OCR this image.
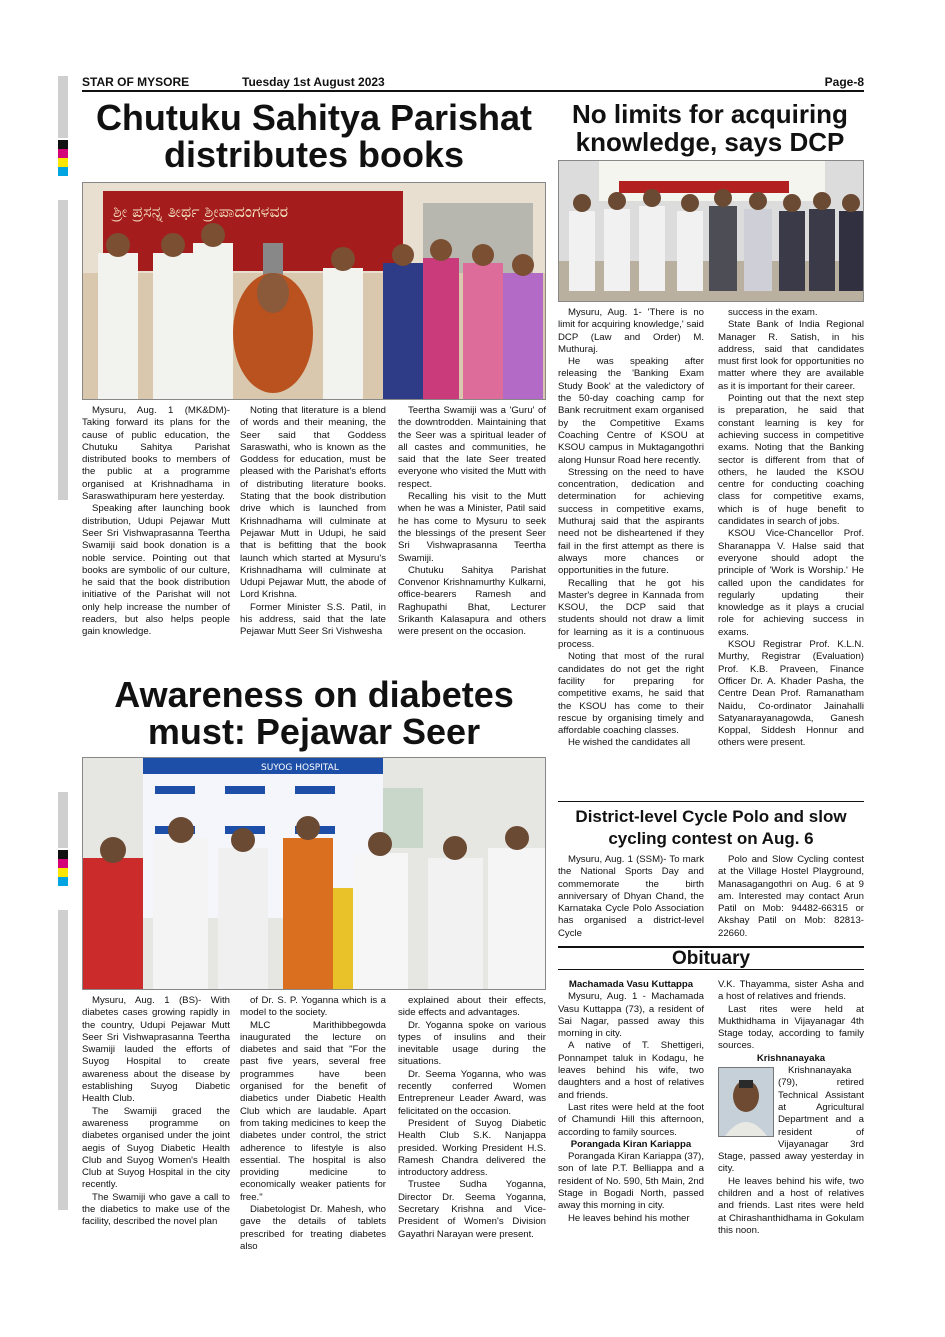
STAR OF MYSORE	Tuesday 1st August 2023	Page-8
Chutuku Sahitya Parishat
distributes books
ಶ್ರೀ ಪ್ರಸನ್ನ ತೀರ್ಥ ಶ್ರೀಪಾದಂಗಳವರ

Mysuru, Aug. 1 (MK&DM)- Taking forward its plans for the cause of public education, the Chutuku Sahitya Parishat distributed books to members of the public at a programme organised at Krishnadhama in Saraswathipuram here yesterday.

Speaking after launching book distribution, Udupi Pejawar Mutt Seer Sri Vishwaprasanna Teertha Swamiji said book donation is a noble service. Pointing out that books are symbolic of our culture, he said that the book distribution initiative of the Parishat will not only help increase the number of readers, but also helps people gain knowledge.

Noting that literature is a blend of words and their meaning, the Seer said that Goddess Saraswathi, who is known as the Goddess for education, must be pleased with the Parishat's efforts of distributing literature books. Stating that the book distribution drive which is launched from Krishnadhama will culminate at Pejawar Mutt in Udupi, he said that is befitting that the book launch which started at Mysuru's Krishnadhama will culminate at Udupi Pejawar Mutt, the abode of Lord Krishna.

Former Minister S.S. Patil, in his address, said that the late Pejawar Mutt Seer Sri Vishwesha

Teertha Swamiji was a 'Guru' of the downtrodden. Maintaining that the Seer was a spiritual leader of all castes and communities, he said that the late Seer treated everyone who visited the Mutt with respect.

Recalling his visit to the Mutt when he was a Minister, Patil said he has come to Mysuru to seek the blessings of the present Seer Sri Vishwaprasanna Teertha Swamiji.

Chutuku Sahitya Parishat Convenor Krishnamurthy Kulkarni, office-bearers Ramesh and Raghupathi Bhat, Lecturer Srikanth Kalasapura and others were present on the occasion.

Awareness on diabetes
must: Pejawar Seer
SUYOG HOSPITAL

Mysuru, Aug. 1 (BS)- With diabetes cases growing rapidly in the country, Udupi Pejawar Mutt Seer Sri Vishwaprasanna Teertha Swamiji lauded the efforts of Suyog Hospital to create awareness about the disease by establishing Suyog Diabetic Health Club.

The Swamiji graced the awareness programme on diabetes organised under the joint aegis of Suyog Diabetic Health Club and Suyog Women's Health Club at Suyog Hospital in the city recently.

The Swamiji who gave a call to the diabetics to make use of the facility, described the novel plan

of Dr. S. P. Yoganna which is a model to the society.

MLC Marithibbegowda inaugurated the lecture on diabetes and said that "For the past five years, several free programmes have been organised for the benefit of diabetics under Diabetic Health Club which are laudable. Apart from taking medicines to keep the diabetes under control, the strict adherence to lifestyle is also essential. The hospital is also providing medicine to economically weaker patients for free."

Diabetologist Dr. Mahesh, who gave the details of tablets prescribed for treating diabetes also

explained about their effects, side effects and advantages.

Dr. Yoganna spoke on various types of insulins and their inevitable usage during the situations.

Dr. Seema Yoganna, who was recently conferred Women Entrepreneur Leader Award, was felicitated on the occasion.

President of Suyog Diabetic Health Club S.K. Nanjappa presided. Working President H.S. Ramesh Chandra delivered the introductory address.

Trustee Sudha Yoganna, Director Dr. Seema Yoganna, Secretary Krishna and Vice-President of Women's Division Gayathri Narayan were present.

No limits for acquiring
knowledge, says DCP

Mysuru, Aug. 1- 'There is no limit for acquiring knowledge,' said DCP (Law and Order) M. Muthuraj.

He was speaking after releasing the 'Banking Exam Study Book' at the valedictory of the 50-day coaching camp for Bank recruitment exam organised by the Competitive Exams Coaching Centre of KSOU at KSOU campus in Muktagangothri along Hunsur Road here recently.

Stressing on the need to have concentration, dedication and determination for achieving success in competitive exams, Muthuraj said that the aspirants need not be disheartened if they fail in the first attempt as there is always more chances or opportunities in the future.

Recalling that he got his Master's degree in Kannada from KSOU, the DCP said that students should not draw a limit for learning as it is a continuous process.

Noting that most of the rural candidates do not get the right facility for preparing for competitive exams, he said that the KSOU has come to their rescue by organising timely and affordable coaching classes.

He wished the candidates all

success in the exam.

State Bank of India Regional Manager R. Satish, in his address, said that candidates must first look for opportunities no matter where they are available as it is important for their career.

Pointing out that the next step is preparation, he said that constant learning is key for achieving success in competitive exams. Noting that the Banking sector is different from that of others, he lauded the KSOU centre for conducting coaching class for competitive exams, which is of huge benefit to candidates in search of jobs.

KSOU Vice-Chancellor Prof. Sharanappa V. Halse said that everyone should adopt the principle of 'Work is Worship.' He called upon the candidates for regularly updating their knowledge as it plays a crucial role for achieving success in exams.

KSOU Registrar Prof. K.L.N. Murthy, Registrar (Evaluation) Prof. K.B. Praveen, Finance Officer Dr. A. Khader Pasha, the Centre Dean Prof. Ramanatham Naidu, Co-ordinator Jainahalli Satyanarayanagowda, Ganesh Koppal, Siddesh Honnur and others were present.

District-level Cycle Polo and slow
cycling contest on Aug. 6

Mysuru, Aug. 1 (SSM)- To mark the National Sports Day and commemorate the birth anniversary of Dhyan Chand, the Karnataka Cycle Polo Association has organised a district-level Cycle

Polo and Slow Cycling contest at the Village Hostel Playground, Manasagangothri on Aug. 6 at 9 am. Interested may contact Arun Patil on Mob: 94482-66315 or Akshay Patil on Mob: 82813-22660.

Obituary

Machamada Vasu Kuttappa

Mysuru, Aug. 1 - Machamada Vasu Kuttappa (73), a resident of Sai Nagar, passed away this morning in city.

A native of T. Shettigeri, Ponnampet taluk in Kodagu, he leaves behind his wife, two daughters and a host of relatives and friends.

Last rites were held at the foot of Chamundi Hill this afternoon, according to family sources.

Porangada Kiran Kariappa

Porangada Kiran Kariappa (37), son of late P.T. Belliappa and a resident of No. 590, 5th Main, 2nd Stage in Bogadi North, passed away this morning in city.

He leaves behind his mother

V.K. Thayamma, sister Asha and a host of relatives and friends.

Last rites were held at Mukthidhama in Vijayanagar 4th Stage today, according to family sources.

Krishnanayaka

Krishnanayaka (79), retired Technical Assistant at Agricultural Department and a resident of Vijayanagar 3rd Stage, passed away yesterday in city.

He leaves behind his wife, two children and a host of relatives and friends. Last rites were held at Chirashanthidhama in Gokulam this noon.
